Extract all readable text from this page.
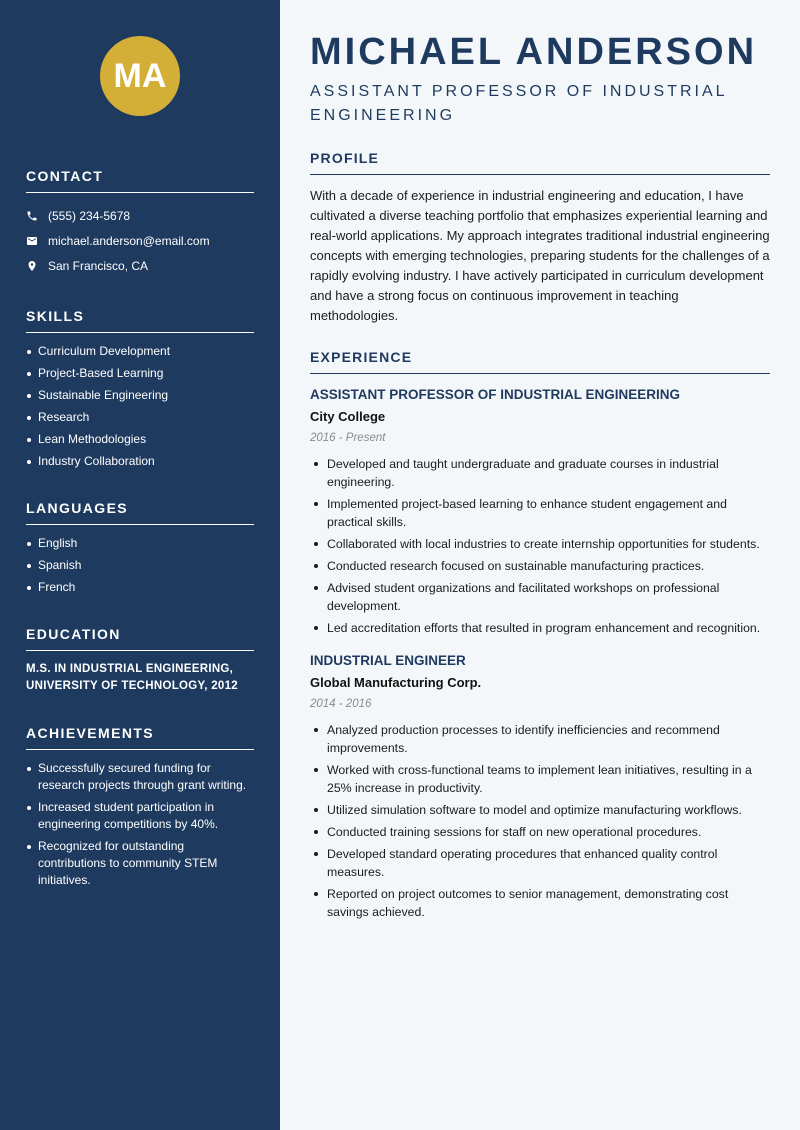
MA
CONTACT
(555) 234-5678
michael.anderson@email.com
San Francisco, CA
SKILLS
Curriculum Development
Project-Based Learning
Sustainable Engineering
Research
Lean Methodologies
Industry Collaboration
LANGUAGES
English
Spanish
French
EDUCATION
M.S. IN INDUSTRIAL ENGINEERING,
UNIVERSITY OF TECHNOLOGY, 2012
ACHIEVEMENTS
Successfully secured funding for research projects through grant writing.
Increased student participation in engineering competitions by 40%.
Recognized for outstanding contributions to community STEM initiatives.
MICHAEL ANDERSON
ASSISTANT PROFESSOR OF INDUSTRIAL ENGINEERING
PROFILE

With a decade of experience in industrial engineering and education, I have cultivated a diverse teaching portfolio that emphasizes experiential learning and real-world applications. My approach integrates traditional industrial engineering concepts with emerging technologies, preparing students for the challenges of a rapidly evolving industry. I have actively participated in curriculum development and have a strong focus on continuous improvement in teaching methodologies.

EXPERIENCE
ASSISTANT PROFESSOR OF INDUSTRIAL ENGINEERING
City College
2016 - Present
Developed and taught undergraduate and graduate courses in industrial engineering.
Implemented project-based learning to enhance student engagement and practical skills.
Collaborated with local industries to create internship opportunities for students.
Conducted research focused on sustainable manufacturing practices.
Advised student organizations and facilitated workshops on professional development.
Led accreditation efforts that resulted in program enhancement and recognition.
INDUSTRIAL ENGINEER
Global Manufacturing Corp.
2014 - 2016
Analyzed production processes to identify inefficiencies and recommend improvements.
Worked with cross-functional teams to implement lean initiatives, resulting in a 25% increase in productivity.
Utilized simulation software to model and optimize manufacturing workflows.
Conducted training sessions for staff on new operational procedures.
Developed standard operating procedures that enhanced quality control measures.
Reported on project outcomes to senior management, demonstrating cost savings achieved.
